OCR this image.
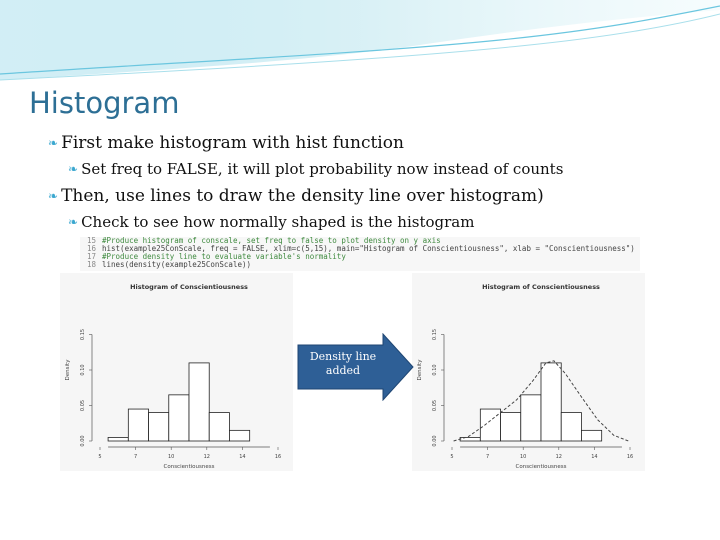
Histogram
❧ First make histogram with hist function
❧ Set freq to FALSE, it will plot probability now instead of counts
❧ Then, use lines to draw the density line over histogram)
❧ Check to see how normally shaped is the histogram
15 #Produce histogram of conscale, set freq to false to plot density on y axis
16 hist(example25ConScale, freq = FALSE, xlim=c(5,15), main="Histogram of Conscientiousness", xlab = "Conscientiousness")
17 #Produce density line to evaluate variable's normality
18 lines(density(example25ConScale))
Histogram of Conscientiousness
5	7	10	12	14	16
0.00
0.05
0.10
0.15
Conscientiousness
Density
Histogram of Conscientiousness
5	7	10	12	14	16
0.00
0.05
0.10
0.15
Conscientiousness
Density
Density line
added
